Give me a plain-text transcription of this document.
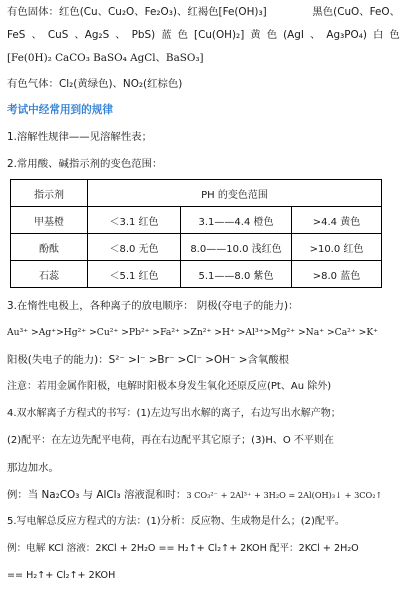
有色固体：红色(Cu、Cu₂O、Fe₂O₃)、红褐色[Fe(OH)₃]	黑色(CuO、FeO、
FeS 、 CuS 、Ag₂S 、 PbS) 蓝 色 [Cu(OH)₂] 黄 色 (AgI 、 Ag₃PO₄) 白 色
[Fe(0H)₂ CaCO₃ BaSO₄ AgCl、BaSO₃]
有色气体：Cl₂(黄绿色)、NO₂(红棕色)
考试中经常用到的规律
1.溶解性规律——见溶解性表；
2.常用酸、碱指示剂的变色范围：
指示剂	PH 的变色范围		
甲基橙	＜3.1 红色	3.1——4.4 橙色	>4.4 黄色
酚酞	＜8.0 无色	8.0——10.0 浅红色	>10.0 红色
石蕊	＜5.1 红色	5.1——8.0 紫色	>8.0 蓝色
3.在惰性电极上，各种离子的放电顺序： 阴极(夺电子的能力)：
Au³⁺ >Ag⁺>Hg²⁺ >Cu²⁺ >Pb²⁺ >Fa²⁺ >Zn²⁺ >H⁺ >Al³⁺>Mg²⁺ >Na⁺ >Ca²⁺ >K⁺
阳极(失电子的能力)：S²⁻ >I⁻ >Br⁻ >Cl⁻ >OH⁻ >含氧酸根
注意：若用金属作阳极，电解时阳极本身发生氧化还原反应(Pt、Au 除外)
4.双水解离子方程式的书写：(1)左边写出水解的离子，右边写出水解产物；
(2)配平：在左边先配平电荷，再在右边配平其它原子；(3)H、O 不平则在
那边加水。
例：当 Na₂CO₃ 与 AlCl₃ 溶液混和时：3 CO₃²⁻ + 2Al³⁺ + 3H₂O = 2Al(OH)₃↓ + 3CO₂↑
5.写电解总反应方程式的方法：(1)分析：反应物、生成物是什么；(2)配平。
例：电解 KCl 溶液：2KCl + 2H₂O == H₂↑+ Cl₂↑+ 2KOH 配平：2KCl + 2H₂O
== H₂↑+ Cl₂↑+ 2KOH
